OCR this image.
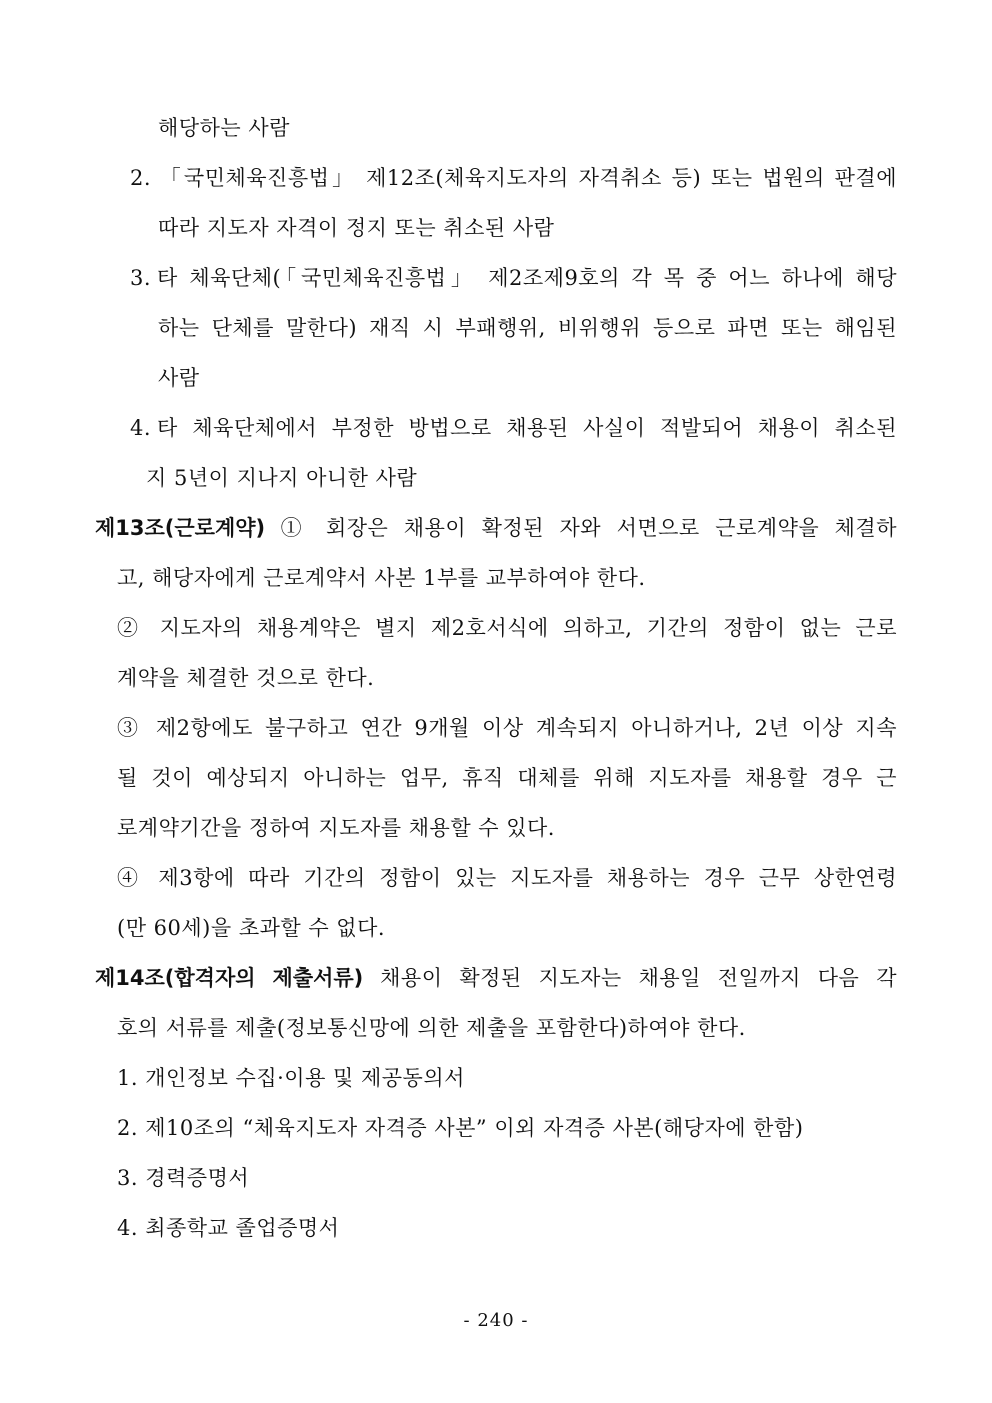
해당하는 사람
2. 「국민체육진흥법」 제12조(체육지도자의 자격취소 등) 또는 법원의 판결에
따라 지도자 자격이 정지 또는 취소된 사람
3. 타 체육단체(「국민체육진흥법」 제2조제9호의 각 목 중 어느 하나에 해당
하는 단체를 말한다) 재직 시 부패행위, 비위행위 등으로 파면 또는 해임된
사람
4. 타 체육단체에서 부정한 방법으로 채용된 사실이 적발되어 채용이 취소된
지 5년이 지나지 아니한 사람
제13조(근로계약) ① 회장은 채용이 확정된 자와 서면으로 근로계약을 체결하
고, 해당자에게 근로계약서 사본 1부를 교부하여야 한다.
② 지도자의 채용계약은 별지 제2호서식에 의하고, 기간의 정함이 없는 근로
계약을 체결한 것으로 한다.
③ 제2항에도 불구하고 연간 9개월 이상 계속되지 아니하거나, 2년 이상 지속
될 것이 예상되지 아니하는 업무, 휴직 대체를 위해 지도자를 채용할 경우 근
로계약기간을 정하여 지도자를 채용할 수 있다.
④ 제3항에 따라 기간의 정함이 있는 지도자를 채용하는 경우 근무 상한연령
(만 60세)을 초과할 수 없다.
제14조(합격자의 제출서류) 채용이 확정된 지도자는 채용일 전일까지 다음 각
호의 서류를 제출(정보통신망에 의한 제출을 포함한다)하여야 한다.
1. 개인정보 수집·이용 및 제공동의서
2. 제10조의 “체육지도자 자격증 사본” 이외 자격증 사본(해당자에 한함)
3. 경력증명서
4. 최종학교 졸업증명서
- 240 -
